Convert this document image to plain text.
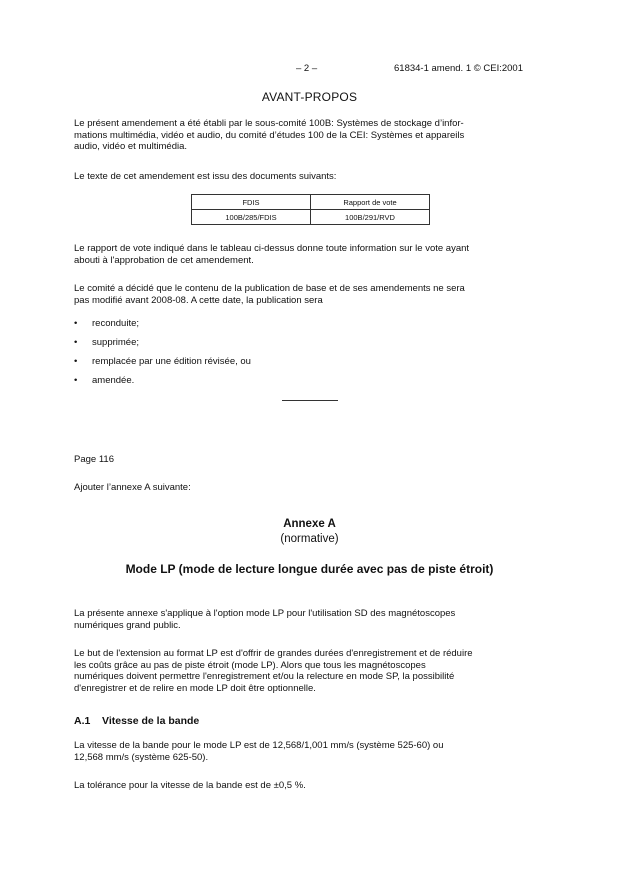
– 2 –	61834-1 amend. 1 © CEI:2001
AVANT-PROPOS
Le présent amendement a été établi par le sous-comité 100B: Systèmes de stockage d’infor-
mations multimédia, vidéo et audio, du comité d’études 100 de la CEI: Systèmes et appareils
audio, vidéo et multimédia.
Le texte de cet amendement est issu des documents suivants:
FDIS	Rapport de vote
100B/285/FDIS	100B/291/RVD
Le rapport de vote indiqué dans le tableau ci-dessus donne toute information sur le vote ayant
abouti à l'approbation de cet amendement.
Le comité a décidé que le contenu de la publication de base et de ses amendements ne sera
pas modifié avant 2008-08. A cette date, la publication sera
• reconduite;
• supprimée;
• remplacée par une édition révisée, ou
• amendée.
Page 116
Ajouter l’annexe A suivante:
Annexe A
(normative)
Mode LP (mode de lecture longue durée avec pas de piste étroit)
La présente annexe s'applique à l'option mode LP pour l'utilisation SD des magnétoscopes
numériques grand public.
Le but de l'extension au format LP est d'offrir de grandes durées d'enregistrement et de réduire
les coûts grâce au pas de piste étroit (mode LP). Alors que tous les magnétoscopes
numériques doivent permettre l'enregistrement et/ou la relecture en mode SP, la possibilité
d'enregistrer et de relire en mode LP doit être optionnelle.
A.1 Vitesse de la bande
La vitesse de la bande pour le mode LP est de 12,568/1,001 mm/s (système 525-60) ou
12,568 mm/s (système 625-50).
La tolérance pour la vitesse de la bande est de ±0,5 %.
